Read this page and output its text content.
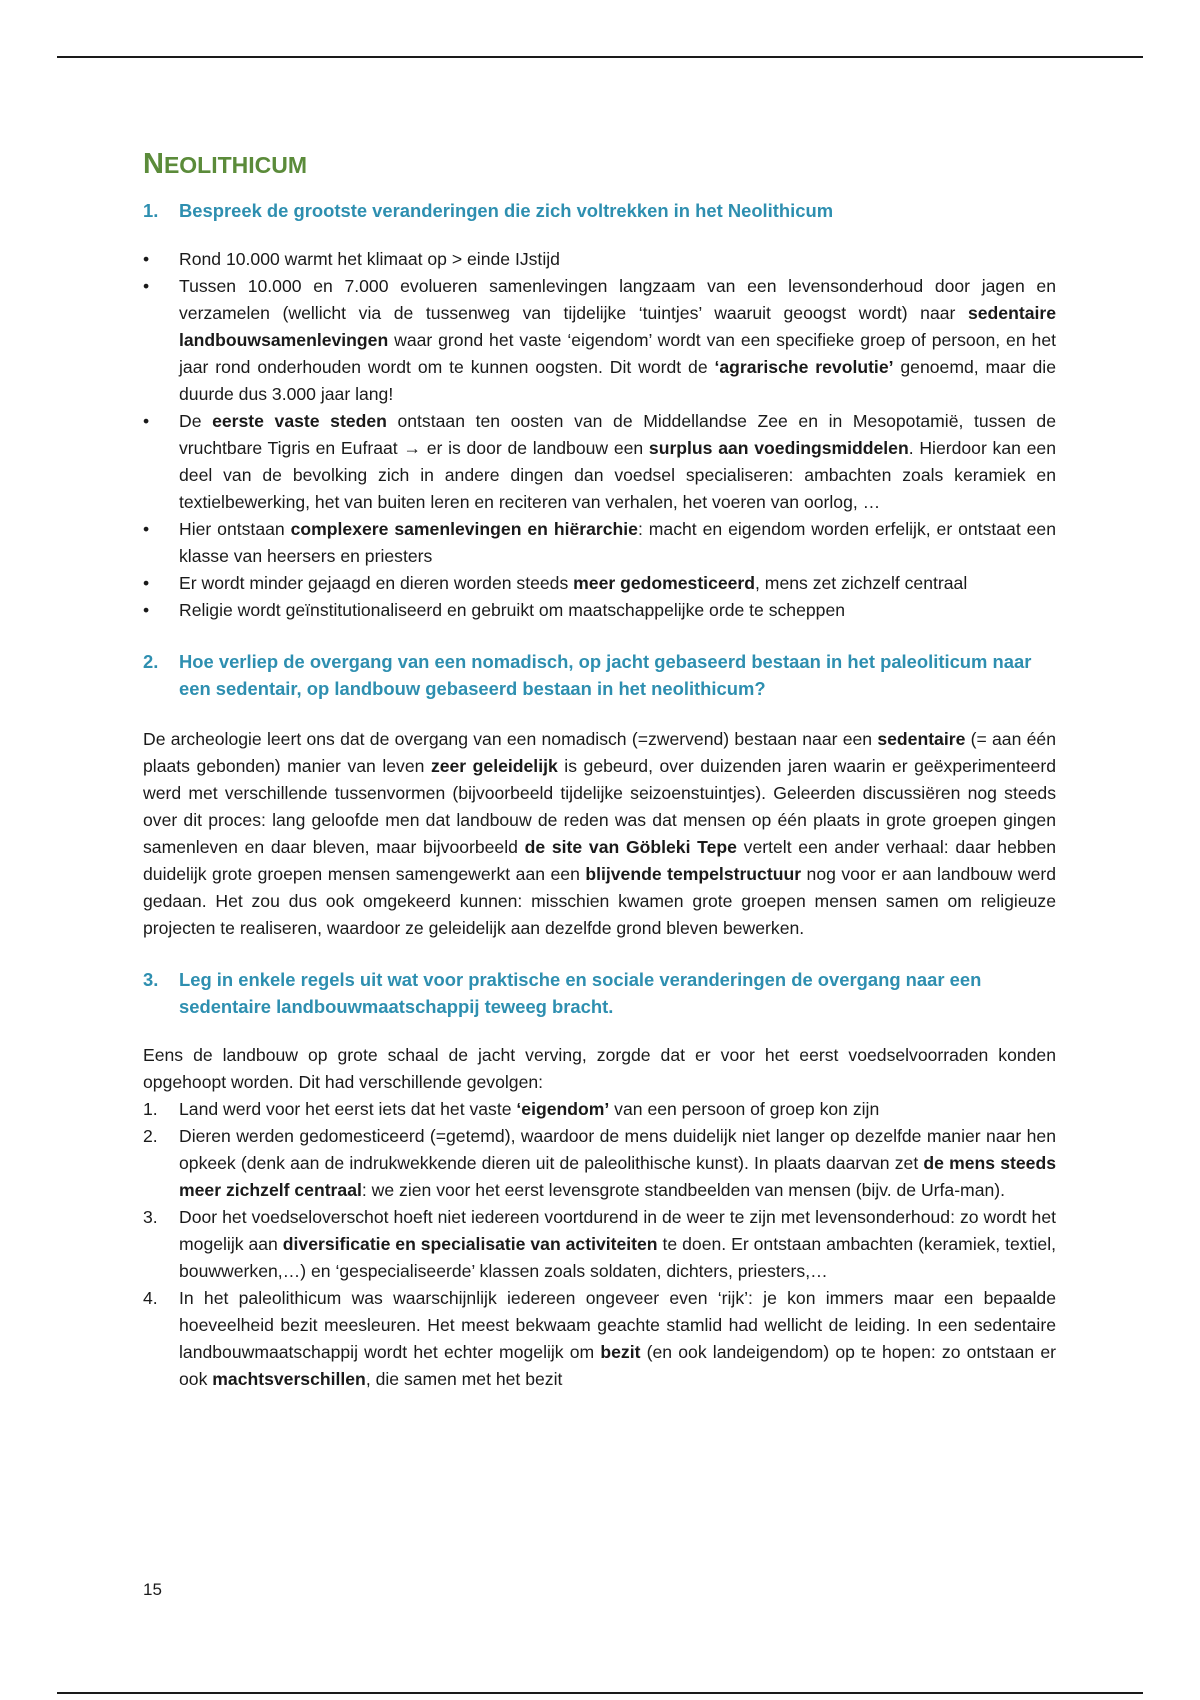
NEOLITHICUM
1.	Bespreek de grootste veranderingen die zich voltrekken in het Neolithicum
•	Rond 10.000 warmt het klimaat op > einde IJstijd
•	Tussen 10.000 en 7.000 evolueren samenlevingen langzaam van een levensonderhoud door jagen en verzamelen (wellicht via de tussenweg van tijdelijke ‘tuintjes’ waaruit geoogst wordt) naar sedentaire landbouwsamenlevingen waar grond het vaste ‘eigendom’ wordt van een specifieke groep of persoon, en het jaar rond onderhouden wordt om te kunnen oogsten. Dit wordt de ‘agrarische revolutie’ genoemd, maar die duurde dus 3.000 jaar lang!
•	De eerste vaste steden ontstaan ten oosten van de Middellandse Zee en in Mesopotamië, tussen de vruchtbare Tigris en Eufraat → er is door de landbouw een surplus aan voedingsmiddelen. Hierdoor kan een deel van de bevolking zich in andere dingen dan voedsel specialiseren: ambachten zoals keramiek en textielbewerking, het van buiten leren en reciteren van verhalen, het voeren van oorlog, …
•	Hier ontstaan complexere samenlevingen en hiërarchie: macht en eigendom worden erfelijk, er ontstaat een klasse van heersers en priesters
•	Er wordt minder gejaagd en dieren worden steeds meer gedomesticeerd, mens zet zichzelf centraal
•	Religie wordt geïnstitutionaliseerd en gebruikt om maatschappelijke orde te scheppen
2.	Hoe verliep de overgang van een nomadisch, op jacht gebaseerd bestaan in het paleoliticum naar een sedentair, op landbouw gebaseerd bestaan in het neolithicum?

De archeologie leert ons dat de overgang van een nomadisch (=zwervend) bestaan naar een sedentaire (= aan één plaats gebonden) manier van leven zeer geleidelijk is gebeurd, over duizenden jaren waarin er geëxperimenteerd werd met verschillende tussenvormen (bijvoorbeeld tijdelijke seizoenstuintjes). Geleerden discussiëren nog steeds over dit proces: lang geloofde men dat landbouw de reden was dat mensen op één plaats in grote groepen gingen samenleven en daar bleven, maar bijvoorbeeld de site van Göbleki Tepe vertelt een ander verhaal: daar hebben duidelijk grote groepen mensen samengewerkt aan een blijvende tempelstructuur nog voor er aan landbouw werd gedaan. Het zou dus ook omgekeerd kunnen: misschien kwamen grote groepen mensen samen om religieuze projecten te realiseren, waardoor ze geleidelijk aan dezelfde grond bleven bewerken.

3.	Leg in enkele regels uit wat voor praktische en sociale veranderingen de overgang naar een sedentaire landbouwmaatschappij teweeg bracht.

Eens de landbouw op grote schaal de jacht verving, zorgde dat er voor het eerst voedselvoorraden konden opgehoopt worden. Dit had verschillende gevolgen:

1.	Land werd voor het eerst iets dat het vaste ‘eigendom’ van een persoon of groep kon zijn
2.	Dieren werden gedomesticeerd (=getemd), waardoor de mens duidelijk niet langer op dezelfde manier naar hen opkeek (denk aan de indrukwekkende dieren uit de paleolithische kunst). In plaats daarvan zet de mens steeds meer zichzelf centraal: we zien voor het eerst levensgrote standbeelden van mensen (bijv. de Urfa-man).
3.	Door het voedseloverschot hoeft niet iedereen voortdurend in de weer te zijn met levensonderhoud: zo wordt het mogelijk aan diversificatie en specialisatie van activiteiten te doen. Er ontstaan ambachten (keramiek, textiel, bouwwerken,…) en ‘gespecialiseerde’ klassen zoals soldaten, dichters, priesters,…
4.	In het paleolithicum was waarschijnlijk iedereen ongeveer even ‘rijk’: je kon immers maar een bepaalde hoeveelheid bezit meesleuren. Het meest bekwaam geachte stamlid had wellicht de leiding. In een sedentaire landbouwmaatschappij wordt het echter mogelijk om bezit (en ook landeigendom) op te hopen: zo ontstaan er ook machtsverschillen, die samen met het bezit
15
